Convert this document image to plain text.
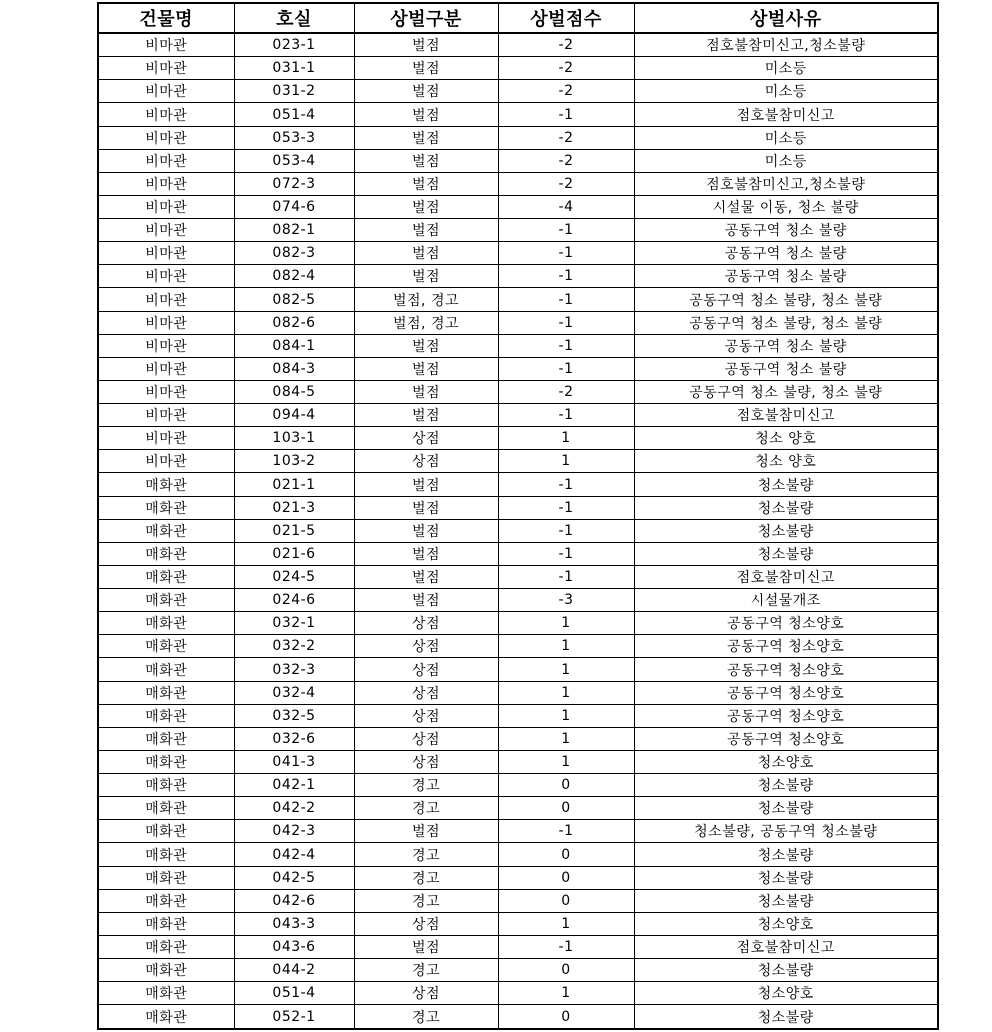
건물명	호실	상벌구분	상벌점수	상벌사유
비마관	023-1	벌점	-2	점호불참미신고,청소불량
비마관	031-1	벌점	-2	미소등
비마관	031-2	벌점	-2	미소등
비마관	051-4	벌점	-1	점호불참미신고
비마관	053-3	벌점	-2	미소등
비마관	053-4	벌점	-2	미소등
비마관	072-3	벌점	-2	점호불참미신고,청소불량
비마관	074-6	벌점	-4	시설물 이동, 청소 불량
비마관	082-1	벌점	-1	공동구역 청소 불량
비마관	082-3	벌점	-1	공동구역 청소 불량
비마관	082-4	벌점	-1	공동구역 청소 불량
비마관	082-5	벌점, 경고	-1	공동구역 청소 불량, 청소 불량
비마관	082-6	벌점, 경고	-1	공동구역 청소 불량, 청소 불량
비마관	084-1	벌점	-1	공동구역 청소 불량
비마관	084-3	벌점	-1	공동구역 청소 불량
비마관	084-5	벌점	-2	공동구역 청소 불량, 청소 불량
비마관	094-4	벌점	-1	점호불참미신고
비마관	103-1	상점	1	청소 양호
비마관	103-2	상점	1	청소 양호
매화관	021-1	벌점	-1	청소불량
매화관	021-3	벌점	-1	청소불량
매화관	021-5	벌점	-1	청소불량
매화관	021-6	벌점	-1	청소불량
매화관	024-5	벌점	-1	점호불참미신고
매화관	024-6	벌점	-3	시설물개조
매화관	032-1	상점	1	공동구역 청소양호
매화관	032-2	상점	1	공동구역 청소양호
매화관	032-3	상점	1	공동구역 청소양호
매화관	032-4	상점	1	공동구역 청소양호
매화관	032-5	상점	1	공동구역 청소양호
매화관	032-6	상점	1	공동구역 청소양호
매화관	041-3	상점	1	청소양호
매화관	042-1	경고	0	청소불량
매화관	042-2	경고	0	청소불량
매화관	042-3	벌점	-1	청소불량, 공동구역 청소불량
매화관	042-4	경고	0	청소불량
매화관	042-5	경고	0	청소불량
매화관	042-6	경고	0	청소불량
매화관	043-3	상점	1	청소양호
매화관	043-6	벌점	-1	점호불참미신고
매화관	044-2	경고	0	청소불량
매화관	051-4	상점	1	청소양호
매화관	052-1	경고	0	청소불량
